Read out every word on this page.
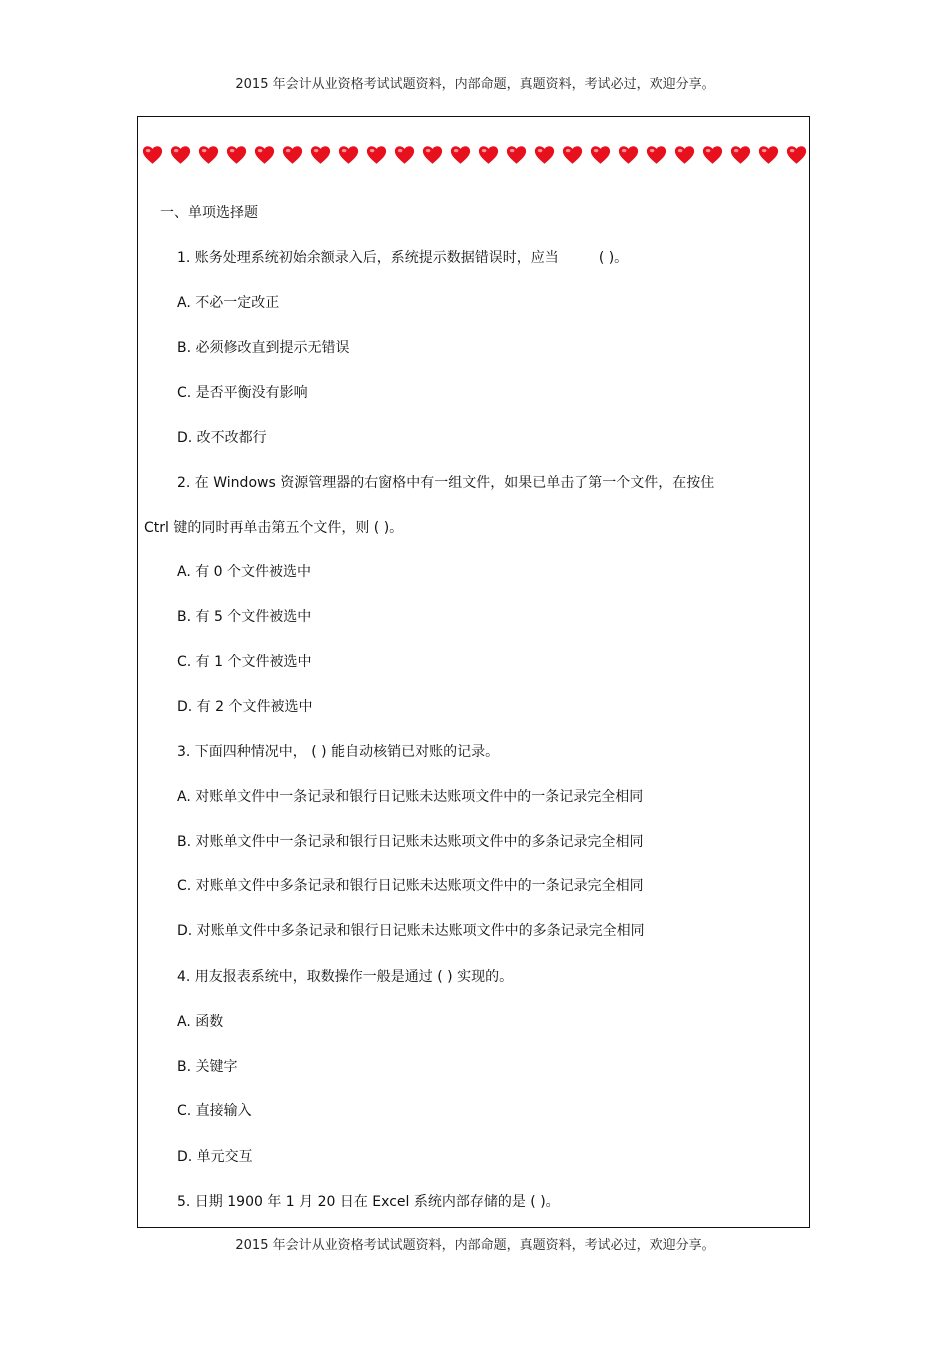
2015 年会计从业资格考试试题资料，内部命题，真题资料，考试必过，欢迎分享。
一、单项选择题
1. 账务处理系统初始余额录入后，系统提示数据错误时，应当	( )。
A. 不必一定改正
B. 必须修改直到提示无错误
C. 是否平衡没有影响
D. 改不改都行
2. 在 Windows 资源管理器的右窗格中有一组文件，如果已单击了第一个文件，在按住
Ctrl 键的同时再单击第五个文件，则 ( )。
A. 有 0 个文件被选中
B. 有 5 个文件被选中
C. 有 1 个文件被选中
D. 有 2 个文件被选中
3. 下面四种情况中， ( ) 能自动核销已对账的记录。
A. 对账单文件中一条记录和银行日记账未达账项文件中的一条记录完全相同
B. 对账单文件中一条记录和银行日记账未达账项文件中的多条记录完全相同
C. 对账单文件中多条记录和银行日记账未达账项文件中的一条记录完全相同
D. 对账单文件中多条记录和银行日记账未达账项文件中的多条记录完全相同
4. 用友报表系统中，取数操作一般是通过 ( ) 实现的。
A. 函数
B. 关键字
C. 直接输入
D. 单元交互
5. 日期 1900 年 1 月 20 日在 Excel 系统内部存储的是 ( )。
2015 年会计从业资格考试试题资料，内部命题，真题资料，考试必过，欢迎分享。
